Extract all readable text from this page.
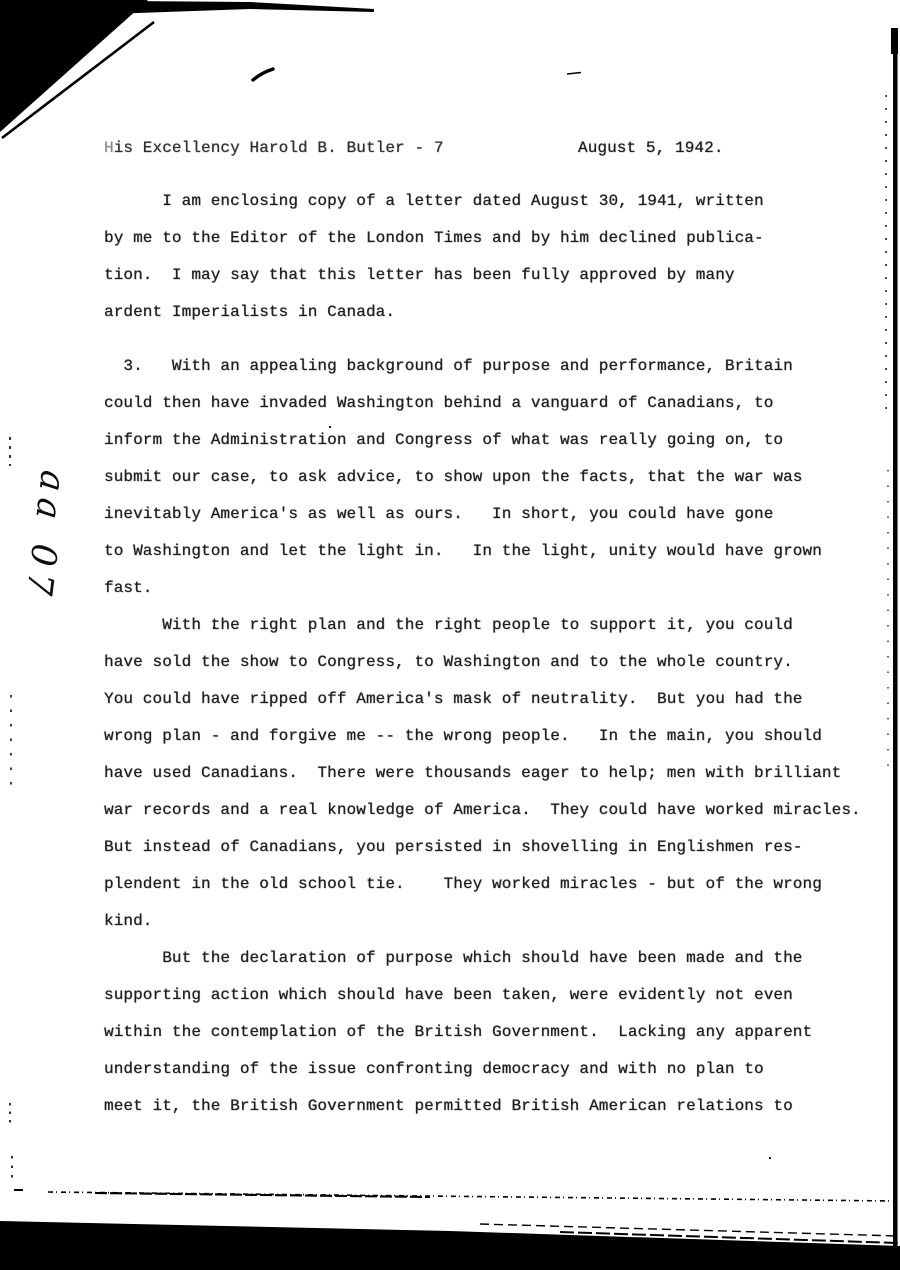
aa 07
His Excellency Harold B. Butler - 7	August 5, 1942.
I am enclosing copy of a letter dated August 30, 1941, written
by me to the Editor of the London Times and by him declined publica-
tion.  I may say that this letter has been fully approved by many
ardent Imperialists in Canada.
3.   With an appealing background of purpose and performance, Britain
could then have invaded Washington behind a vanguard of Canadians, to
inform the Administration and Congress of what was really going on, to
submit our case, to ask advice, to show upon the facts, that the war was
inevitably America's as well as ours.   In short, you could have gone
to Washington and let the light in.   In the light, unity would have grown
fast.
With the right plan and the right people to support it, you could
have sold the show to Congress, to Washington and to the whole country.
You could have ripped off America's mask of neutrality.  But you had the
wrong plan - and forgive me -- the wrong people.   In the main, you should
have used Canadians.  There were thousands eager to help; men with brilliant
war records and a real knowledge of America.  They could have worked miracles.
But instead of Canadians, you persisted in shovelling in Englishmen res-
plendent in the old school tie.    They worked miracles - but of the wrong
kind.
But the declaration of purpose which should have been made and the
supporting action which should have been taken, were evidently not even
within the contemplation of the British Government.  Lacking any apparent
understanding of the issue confronting democracy and with no plan to
meet it, the British Government permitted British American relations to
